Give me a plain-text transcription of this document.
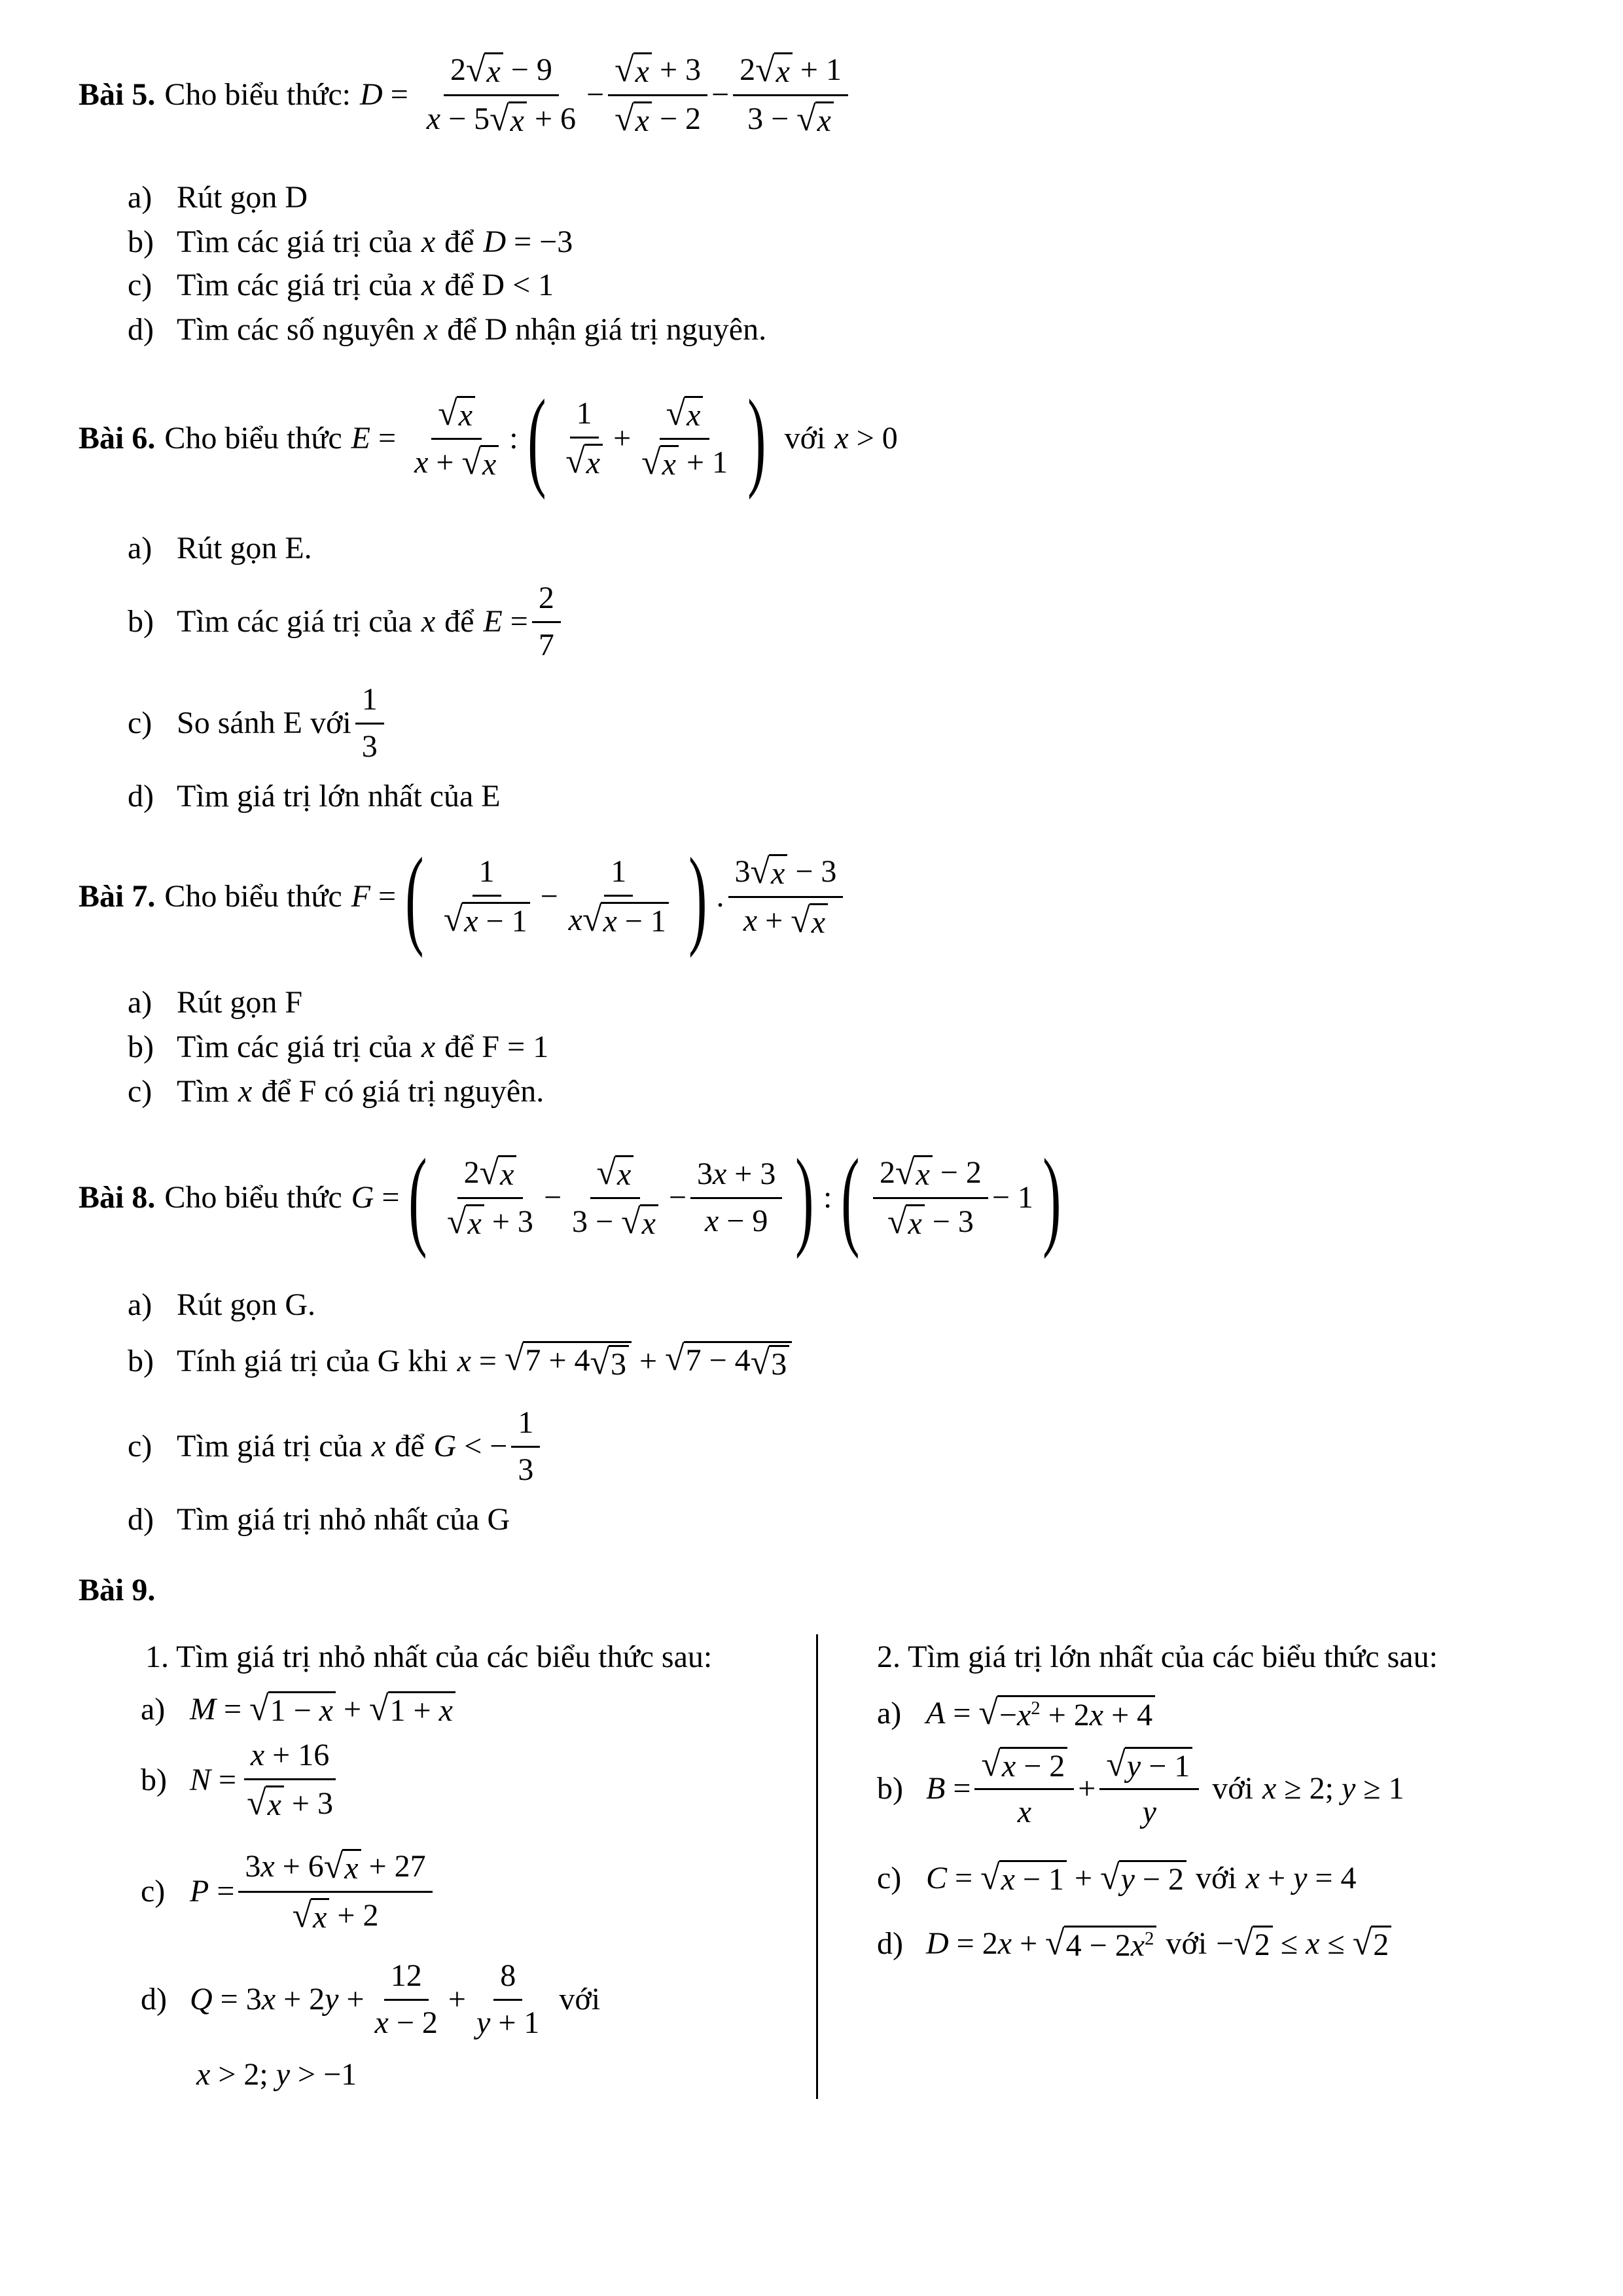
Bài 5. Cho biểu thức: $D = \frac{2 √ x - 9}{x - 5 √ x + 6} - \frac{√ x + 3}{√ x - 2} - \frac{2 √ x + 1}{3 - √ x}$
a) Rút gọn D
b) Tìm các giá trị của x để D = −3
c) Tìm các giá trị của x để D < 1
d) Tìm các số nguyên x để D nhận giá trị nguyên.
Bài 6. Cho biểu thức $E = \frac{√ x}{x + √ x}$ : ( $\frac{1}{√ x} + \frac{√ x}{√ x + 1}$ ) với x > 0
a) Rút gọn E.
b) Tìm các giá trị của x để $E = \frac{2}{7}$
c) So sánh E với $\frac{1}{3}$
d) Tìm giá trị lớn nhất của E
Bài 7. Cho biểu thức F = ( $\frac{1}{√ x - 1} - \frac{1}{x √ x - 1}$ ) . $\frac{3 √ x - 3}{x + √ x}$
a) Rút gọn F
b) Tìm các giá trị của x để F = 1
c) Tìm x để F có giá trị nguyên.
Bài 8. Cho biểu thức G = ( $\frac{2 √ x}{√ x + 3} - \frac{√ x}{3 - √ x} - \frac{3 x + 3}{x - 9}$ ) : ( $\frac{2 √ x - 2}{√ x - 3} - 1$ )
a) Rút gọn G.
b) Tính giá trị của G khi x = √ 7 + 4 √ 3 + √ 7 − 4 √ 3
c) Tìm giá trị của x để G < − $\frac{1}{3}$
d) Tìm giá trị nhỏ nhất của G
Bài 9.
1. Tìm giá trị nhỏ nhất của các biểu thức sau:
a) M = √ 1 − x + √ 1 + x
b) $N = \frac{x + 16}{√ x + 3}$
c) $P = \frac{3 x + 6 √ x + 27}{√ x + 2}$
d) $Q = 3x + 2y + \frac{12}{x - 2} + \frac{8}{y + 1}$ với
x > 2; y > −1
2. Tìm giá trị lớn nhất của các biểu thức sau:
a) A = √ $-x^2 + 2x + 4$
b) $B = \frac{√ x - 2}{x} + \frac{√ y - 1}{y}$ với x ≥ 2; y ≥ 1
c) C = √ x − 1 + √ y − 2 với x + y = 4
d) D = 2x + √ $4 - 2x^2$ với − √ 2 ≤ x ≤ √ 2
